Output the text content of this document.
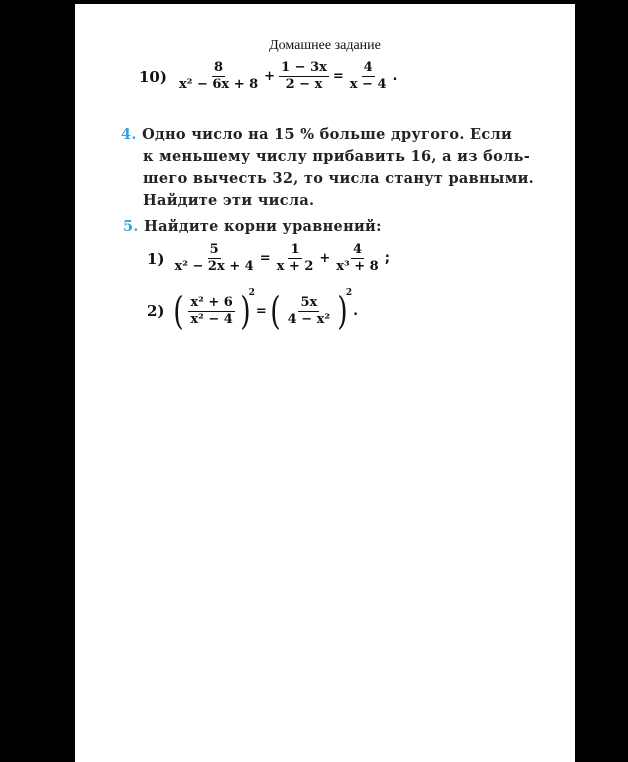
Домашнее задание
$10) \frac{8}{\text{x² − 6x + 8}} + \frac{1 - 3x}{2 - x} = \frac{4}{x - 4}$ .
4. Одно число на 15 % больше другого. Если
к меньшему числу прибавить 16, а из боль-
шего вычесть 32, то числа станут равными.
Найдите эти числа.
5. Найдите корни уравнений:
$1) \frac{5}{\text{x² − 2x + 4}} = \frac{1}{x + 2} + \frac{4}{\text{x³ + 8}}$ ;
2) ( $\frac{\text{x² + 6}}{\text{x² − 4}}$ )
2
= ( $\frac{5x}{\text{4 − x²}}$ )
2
.
